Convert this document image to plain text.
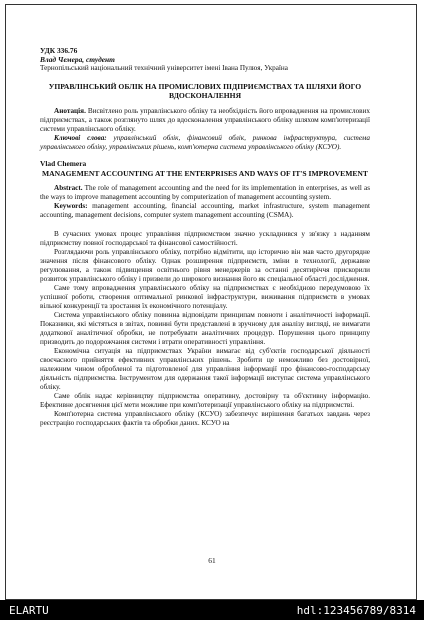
УДК 336.76
Влад Чемера, студент
Тернопільський національний технічний університет імені Івана Пулюя, Україна
УПРАВЛІНСЬКИЙ ОБЛІК НА ПРОМИСЛОВИХ ПІДПРИЄМСТВАХ ТА ШЛЯХИ ЙОГО ВДОСКОНАЛЕННЯ

Анотація. Висвітлено роль управлінського обліку та необхідність його впровадження на промислових підприємствах, а також розглянуто шлях до вдосконалення управлінського обліку шляхом комп'ютеризації системи управлінського обліку.

Ключові слова: управлінський облік, фінансовий облік, ринкова інфраструктура, система управлінського обліку, управлінських рішень, комп'ютерна система управлінського обліку (КСУО).

Vlad Chemera
MANAGEMENT ACCOUNTING AT THE ENTERPRISES AND WAYS OF IT'S IMPROVEMENT

Abstract. The role of management accounting and the need for its implementation in enterprises, as well as the ways to improve management accounting by computerization of management accounting system.

Keywords: management accounting, financial accounting, market infrastructure, system management accounting, management decisions, computer system management accounting (CSMA).

В сучасних умовах процес управління підприємством значно ускладнився у зв'язку з наданням підприємству повної господарської та фінансової самостійності.

Розглядаючи роль управлінського обліку, потрібно відмітити, що історично він мав часто другорядне значення після фінансового обліку. Однак розширення підприємств, зміни в технології, державне регулювання, а також підвищення освітнього рівня менеджерів за останні десятиріччя прискорили розвиток управлінського обліку і призвели до широкого визнання його як спеціальної області дослідження.

Саме тому впровадження управлінського обліку на підприємствах є необхідною передумовою їх успішної роботи, створення оптимальної ринкової інфраструктури, виживання підприємств в умовах вільної конкуренції та зростання їх економічного потенціалу.

Система управлінського обліку повинна відповідати принципам повноти і аналітичності інформації. Показники, які містяться в звітах, повинні бути представлені в зручному для аналізу вигляді, не вимагати додаткової аналітичної обробки, не потребувати аналітичних процедур. Порушення цього принципу призводить до подорожчання системи і втрати оперативності управління.

Економічна ситуація на підприємствах України вимагає від суб'єктів господарської діяльності своєчасного прийняття ефективних управлінських рішень. Зробити це неможливо без достовірної, належним чином обробленої та підготовленої для управління інформації про фінансово-господарську діяльність підприємства. Інструментом для одержання такої інформації виступає система управлінського обліку.

Саме облік надає керівництву підприємства оперативну, достовірну та об'єктивну інформацію. Ефективне досягнення цієї мети можливе при комп'ютеризації управлінського обліку на підприємстві.

Комп'ютерна система управлінського обліку (КСУО) забезпечує вирішення багатьох завдань через реєстрацію господарських фактів та обробки даних. КСУО на

61
ELARTU	hdl:123456789/8314
